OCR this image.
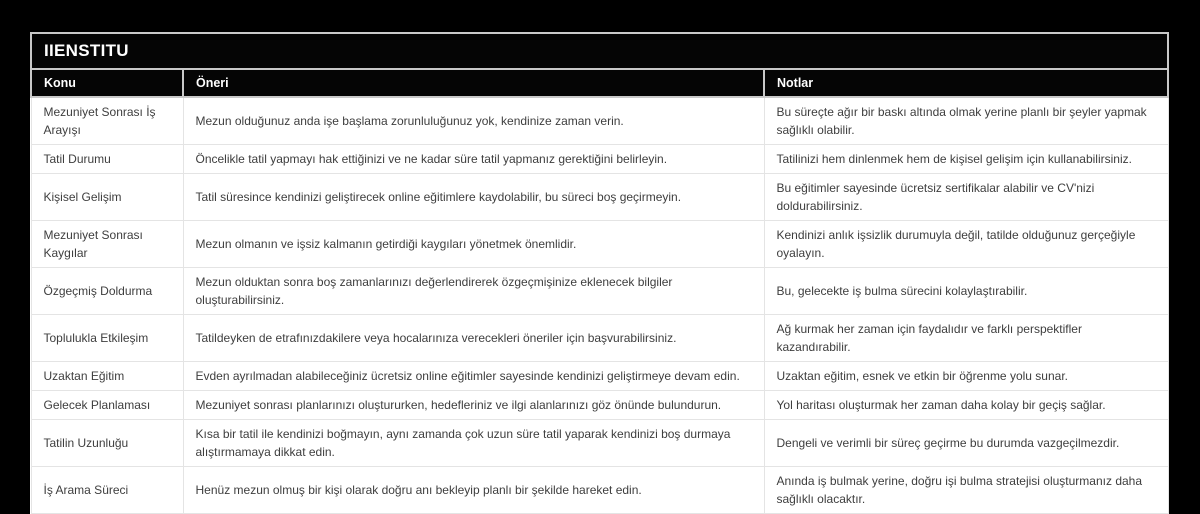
IIENSTITU		
Konu	Öneri	Notlar
Mezuniyet Sonrası İş Arayışı	Mezun olduğunuz anda işe başlama zorunluluğunuz yok, kendinize zaman verin.	Bu süreçte ağır bir baskı altında olmak yerine planlı bir şeyler yapmak sağlıklı olabilir.
Tatil Durumu	Öncelikle tatil yapmayı hak ettiğinizi ve ne kadar süre tatil yapmanız gerektiğini belirleyin.	Tatilinizi hem dinlenmek hem de kişisel gelişim için kullanabilirsiniz.
Kişisel Gelişim	Tatil süresince kendinizi geliştirecek online eğitimlere kaydolabilir, bu süreci boş geçirmeyin.	Bu eğitimler sayesinde ücretsiz sertifikalar alabilir ve CV'nizi doldurabilirsiniz.
Mezuniyet Sonrası Kaygılar	Mezun olmanın ve işsiz kalmanın getirdiği kaygıları yönetmek önemlidir.	Kendinizi anlık işsizlik durumuyla değil, tatilde olduğunuz gerçeğiyle oyalayın.
Özgeçmiş Doldurma	Mezun olduktan sonra boş zamanlarınızı değerlendirerek özgeçmişinize eklenecek bilgiler oluşturabilirsiniz.	Bu, gelecekte iş bulma sürecini kolaylaştırabilir.
Toplulukla Etkileşim	Tatildeyken de etrafınızdakilere veya hocalarınıza verecekleri öneriler için başvurabilirsiniz.	Ağ kurmak her zaman için faydalıdır ve farklı perspektifler kazandırabilir.
Uzaktan Eğitim	Evden ayrılmadan alabileceğiniz ücretsiz online eğitimler sayesinde kendinizi geliştirmeye devam edin.	Uzaktan eğitim, esnek ve etkin bir öğrenme yolu sunar.
Gelecek Planlaması	Mezuniyet sonrası planlarınızı oluştururken, hedefleriniz ve ilgi alanlarınızı göz önünde bulundurun.	Yol haritası oluşturmak her zaman daha kolay bir geçiş sağlar.
Tatilin Uzunluğu	Kısa bir tatil ile kendinizi boğmayın, aynı zamanda çok uzun süre tatil yaparak kendinizi boş durmaya alıştırmamaya dikkat edin.	Dengeli ve verimli bir süreç geçirme bu durumda vazgeçilmezdir.
İş Arama Süreci	Henüz mezun olmuş bir kişi olarak doğru anı bekleyip planlı bir şekilde hareket edin.	Anında iş bulmak yerine, doğru işi bulma stratejisi oluşturmanız daha sağlıklı olacaktır.
